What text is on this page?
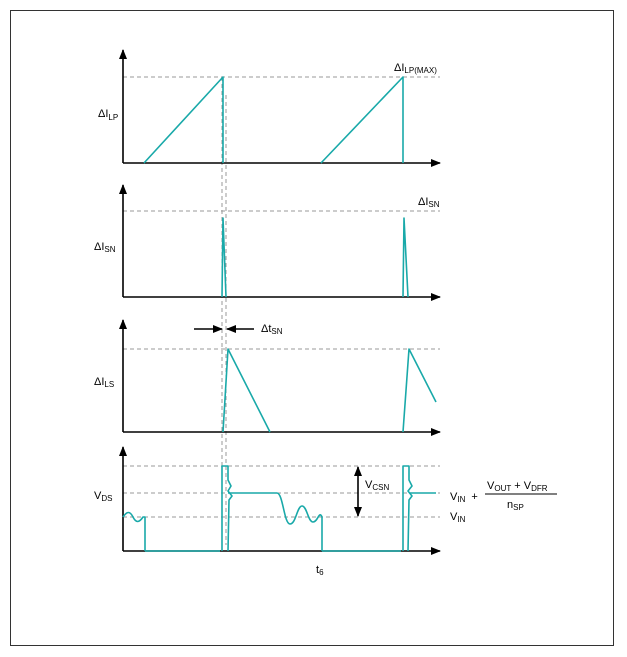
$\Delta I_{LP}$
ΔILP(MAX)
ΔISN
ΔISN
ΔtSN
ΔILS
VCSN
VDS	VIN +
VOUT + VDFR
nSP
VIN
t6
